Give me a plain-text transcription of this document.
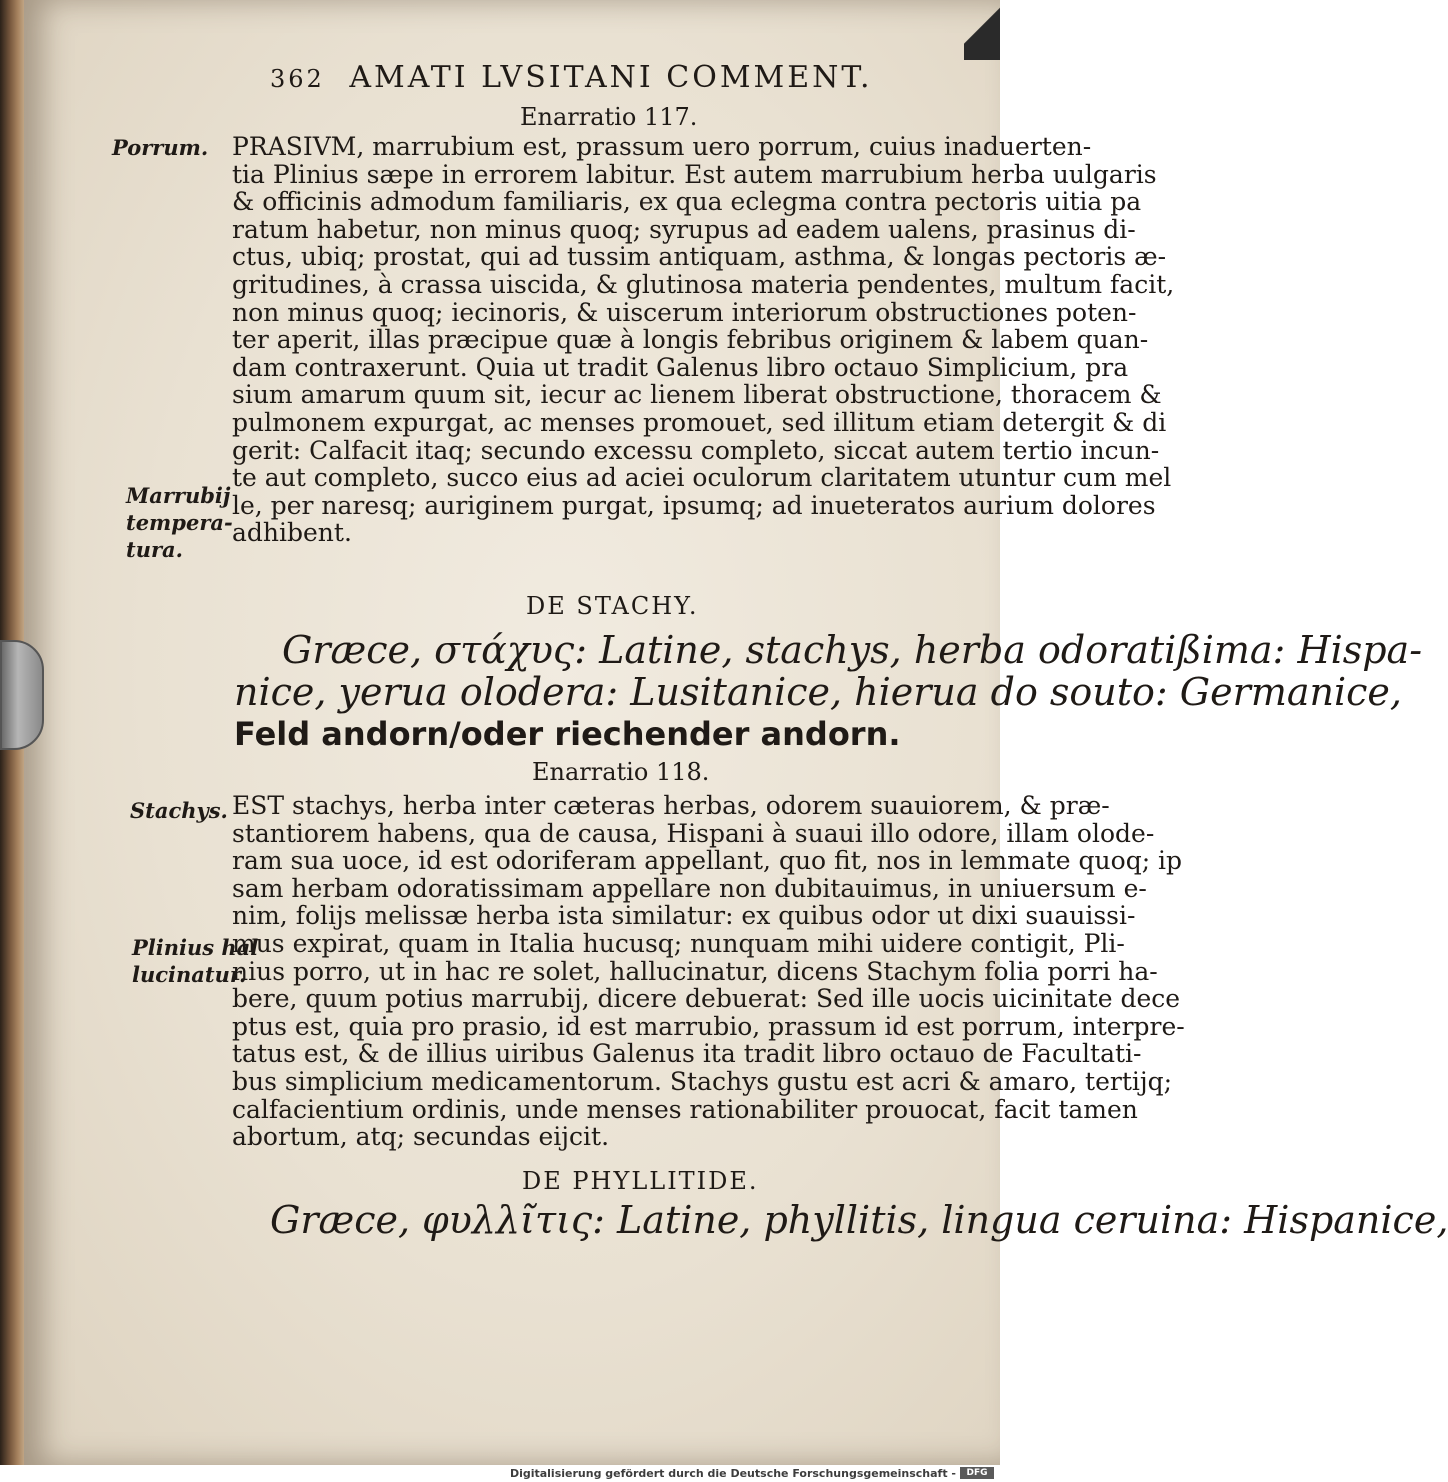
362 AMATI LVSITANI COMMENT.
Enarratio 117.
PRASIVM, marrubium est, prassum uero porrum, cuius inaduerten-
tia Plinius sæpe in errorem labitur. Est autem marrubium herba uulgaris
& officinis admodum familiaris, ex qua eclegma contra pectoris uitia pa
ratum habetur, non minus quoq; syrupus ad eadem ualens, prasinus di-
ctus, ubiq; prostat, qui ad tussim antiquam, asthma, & longas pectoris æ-
gritudines, à crassa uiscida, & glutinosa materia pendentes, multum facit,
non minus quoq; iecinoris, & uiscerum interiorum obstructiones poten-
ter aperit, illas præcipue quæ à longis febribus originem & labem quan-
dam contraxerunt. Quia ut tradit Galenus libro octauo Simplicium, pra
sium amarum quum sit, iecur ac lienem liberat obstructione, thoracem &
pulmonem expurgat, ac menses promouet, sed illitum etiam detergit & di
gerit: Calfacit itaq; secundo excessu completo, siccat autem tertio incun-
te aut completo, succo eius ad aciei oculorum claritatem utuntur cum mel
le, per naresq; auriginem purgat, ipsumq; ad inueteratos aurium dolores
adhibent.
DE STACHY.
Græce, στάχυς: Latine, stachys, herba odoratißima: Hispa-
nice, yerua olodera: Lusitanice, hierua do souto: Germanice,
Feld andorn/oder riechender andorn.
Enarratio 118.
EST stachys, herba inter cæteras herbas, odorem suauiorem, & præ-
stantiorem habens, qua de causa, Hispani à suaui illo odore, illam olode-
ram sua uoce, id est odoriferam appellant, quo fit, nos in lemmate quoq; ip
sam herbam odoratissimam appellare non dubitauimus, in uniuersum e-
nim, folijs melissæ herba ista similatur: ex quibus odor ut dixi suauissi-
mus expirat, quam in Italia hucusq; nunquam mihi uidere contigit, Pli-
nius porro, ut in hac re solet, hallucinatur, dicens Stachym folia porri ha-
bere, quum potius marrubij, dicere debuerat: Sed ille uocis uicinitate dece
ptus est, quia pro prasio, id est marrubio, prassum id est porrum, interpre-
tatus est, & de illius uiribus Galenus ita tradit libro octauo de Facultati-
bus simplicium medicamentorum. Stachys gustu est acri & amaro, tertijq;
calfacientium ordinis, unde menses rationabiliter prouocat, facit tamen
abortum, atq; secundas eijcit.
DE PHYLLITIDE.
Græce, φυλλῖτις: Latine, phyllitis, lingua ceruina: Hispanice,
Porrum.
Marrubij
tempera-
tura.
Stachys.
Plinius hal
lucinatur.
Digitalisierung gefördert durch die Deutsche Forschungsgemeinschaft -	DFG
